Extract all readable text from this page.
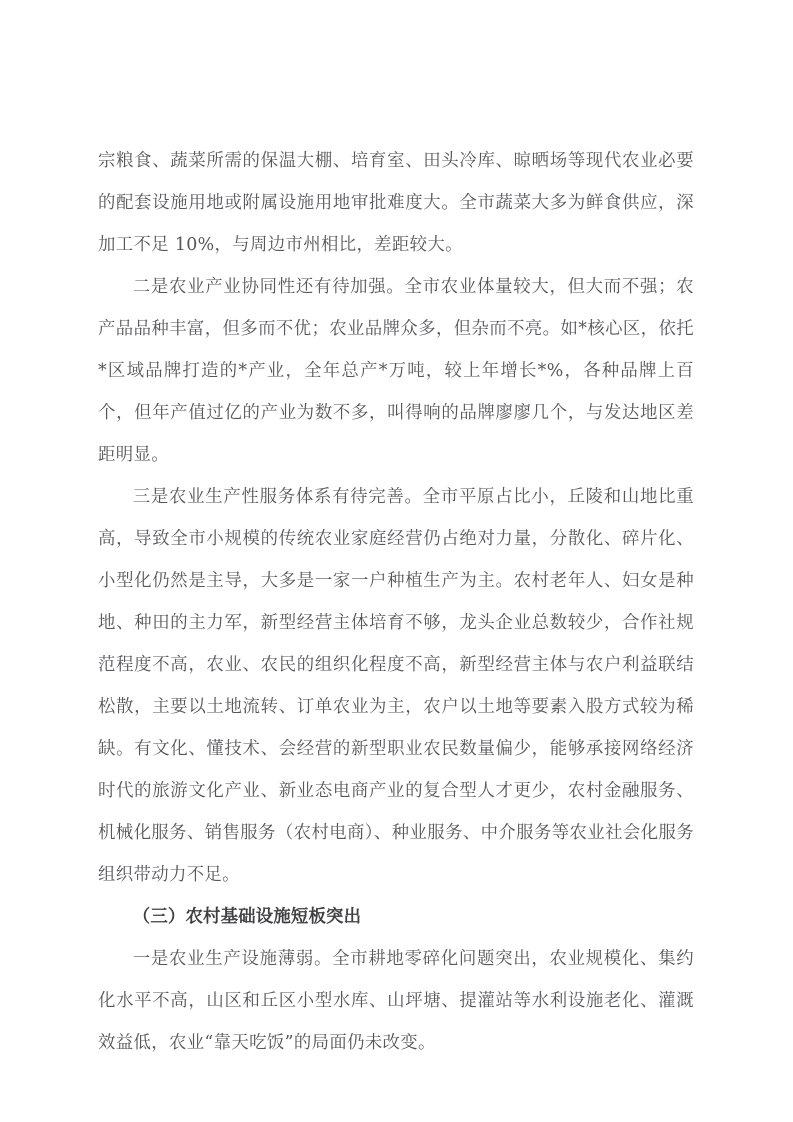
宗粮食、蔬菜所需的保温大棚、培育室、田头冷库、晾晒场等现代农业必要的配套设施用地或附属设施用地审批难度大。全市蔬菜大多为鲜食供应，深加工不足 10%，与周边市州相比，差距较大。

二是农业产业协同性还有待加强。全市农业体量较大，但大而不强；农产品品种丰富，但多而不优；农业品牌众多，但杂而不亮。如*核心区，依托*区域品牌打造的*产业，全年总产*万吨，较上年增长*%，各种品牌上百个，但年产值过亿的产业为数不多，叫得响的品牌廖廖几个，与发达地区差距明显。

三是农业生产性服务体系有待完善。全市平原占比小，丘陵和山地比重高，导致全市小规模的传统农业家庭经营仍占绝对力量，分散化、碎片化、小型化仍然是主导，大多是一家一户种植生产为主。农村老年人、妇女是种地、种田的主力军，新型经营主体培育不够，龙头企业总数较少，合作社规范程度不高，农业、农民的组织化程度不高，新型经营主体与农户利益联结松散，主要以土地流转、订单农业为主，农户以土地等要素入股方式较为稀缺。有文化、懂技术、会经营的新型职业农民数量偏少，能够承接网络经济时代的旅游文化产业、新业态电商产业的复合型人才更少，农村金融服务、机械化服务、销售服务（农村电商）、种业服务、中介服务等农业社会化服务组织带动力不足。

（三）农村基础设施短板突出

一是农业生产设施薄弱。全市耕地零碎化问题突出，农业规模化、集约化水平不高，山区和丘区小型水库、山坪塘、提灌站等水利设施老化、灌溉效益低，农业“靠天吃饭”的局面仍未改变。
